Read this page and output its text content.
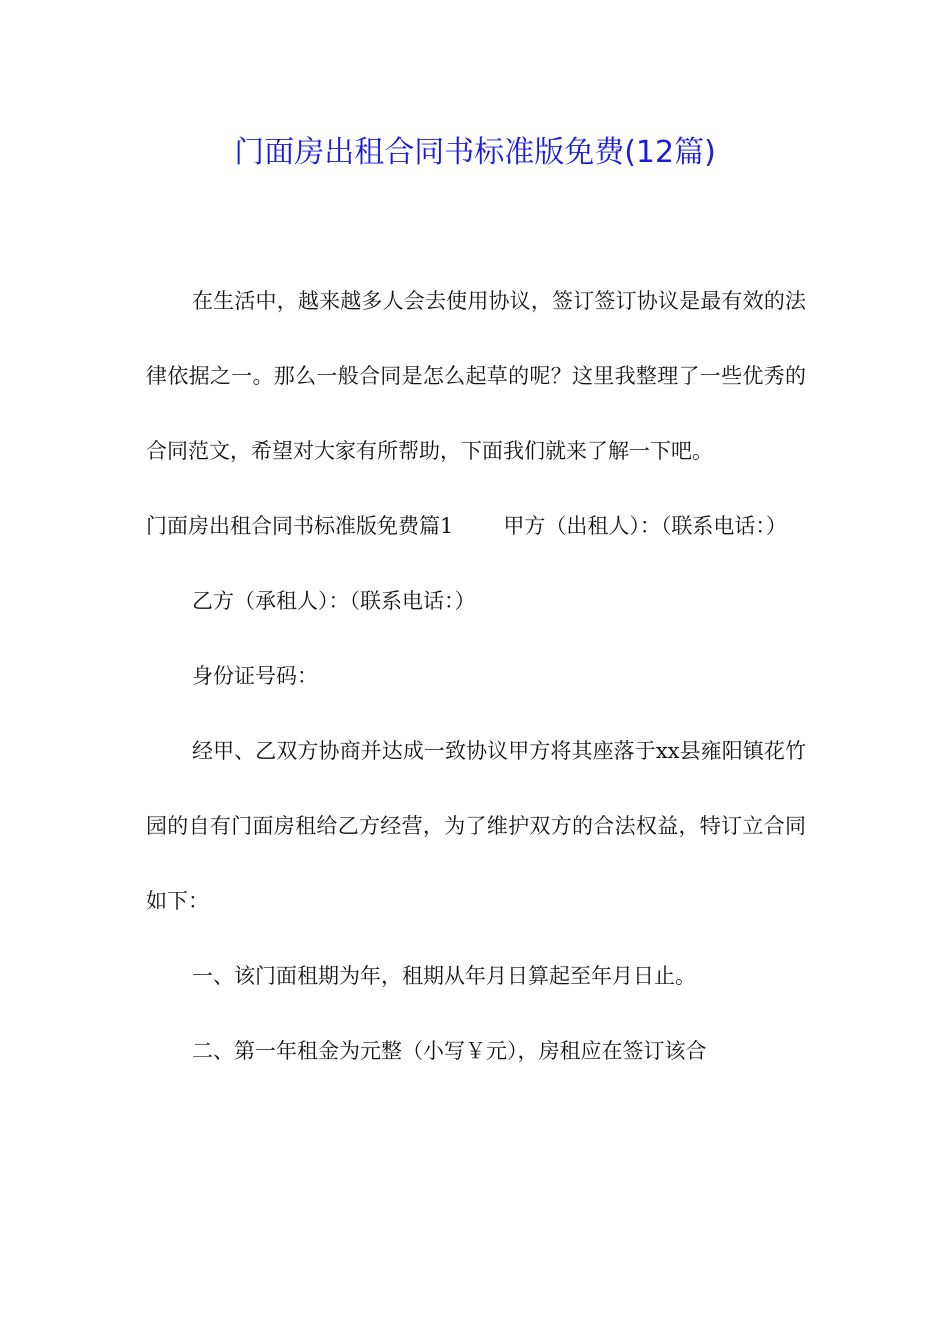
门面房出租合同书标准版免费(12篇)

在生活中，越来越多人会去使用协议，签订签订协议是最有效的法律依据之一。那么一般合同是怎么起草的呢？这里我整理了一些优秀的合同范文，希望对大家有所帮助，下面我们就来了解一下吧。

门面房出租合同书标准版免费篇1 甲方（出租人）：（联系电话：）

乙方（承租人）：（联系电话：）

身份证号码：

经甲、乙双方协商并达成一致协议甲方将其座落于xx县雍阳镇花竹园的自有门面房租给乙方经营，为了维护双方的合法权益，特订立合同如下：

一、该门面租期为年，租期从年月日算起至年月日止。

二、第一年租金为元整（小写￥元），房租应在签订该合
